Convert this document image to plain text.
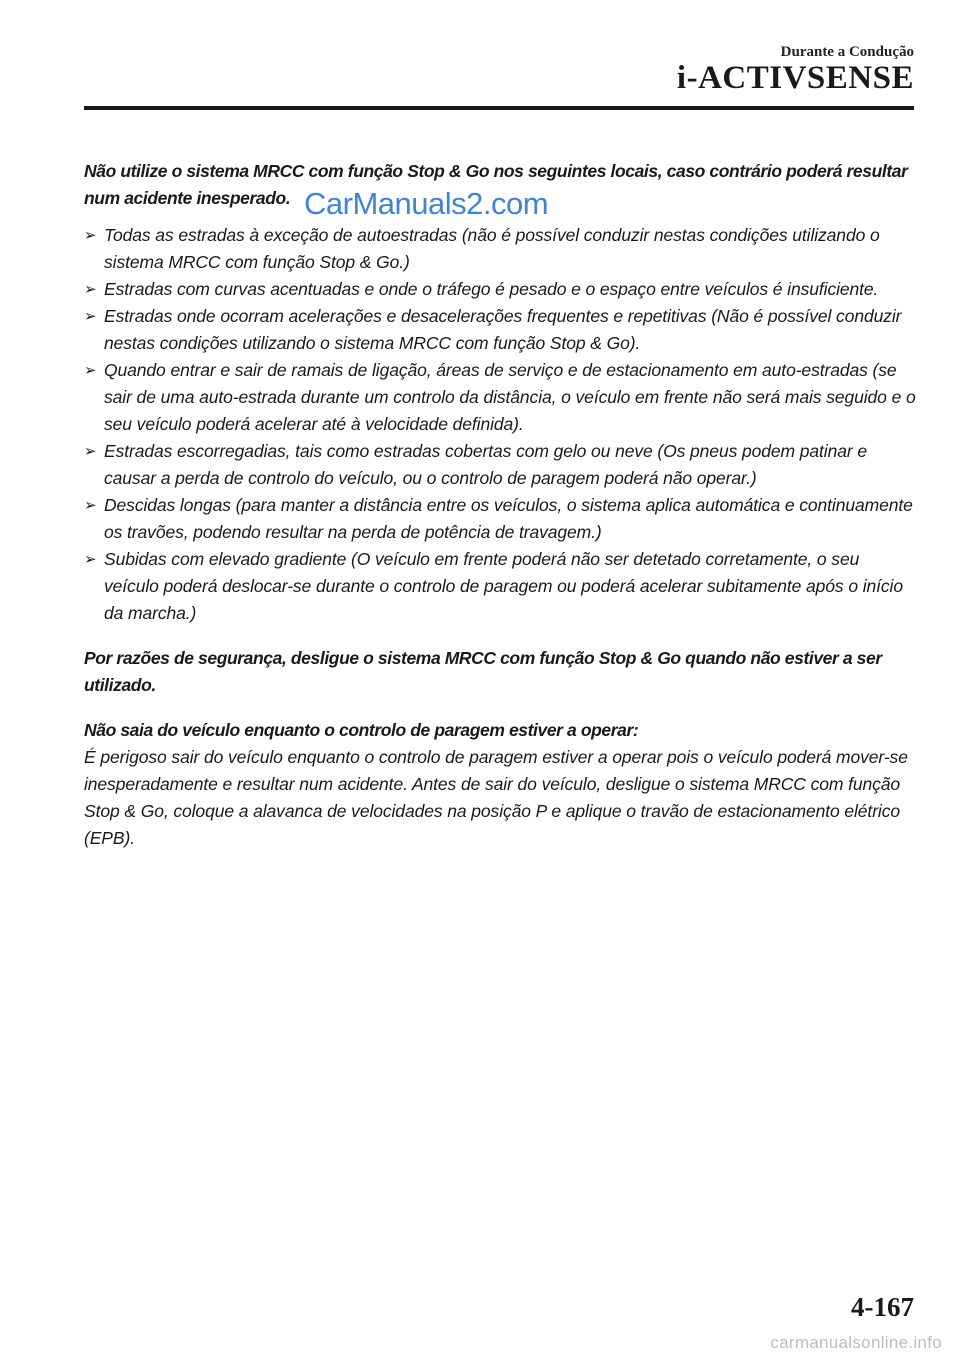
Durante a Condução
i-ACTIVSENSE

Não utilize o sistema MRCC com função Stop & Go nos seguintes locais, caso contrário poderá resultar num acidente inesperado.

➢ Todas as estradas à exceção de autoestradas (não é possível conduzir nestas condições utilizando o sistema MRCC com função Stop & Go.)
➢ Estradas com curvas acentuadas e onde o tráfego é pesado e o espaço entre veículos é insuficiente.
➢ Estradas onde ocorram acelerações e desacelerações frequentes e repetitivas (Não é possível conduzir nestas condições utilizando o sistema MRCC com função Stop & Go).
➢ Quando entrar e sair de ramais de ligação, áreas de serviço e de estacionamento em auto-estradas (se sair de uma auto-estrada durante um controlo da distância, o veículo em frente não será mais seguido e o seu veículo poderá acelerar até à velocidade definida).
➢ Estradas escorregadias, tais como estradas cobertas com gelo ou neve (Os pneus podem patinar e causar a perda de controlo do veículo, ou o controlo de paragem poderá não operar.)
➢ Descidas longas (para manter a distância entre os veículos, o sistema aplica automática e continuamente os travões, podendo resultar na perda de potência de travagem.)
➢ Subidas com elevado gradiente (O veículo em frente poderá não ser detetado corretamente, o seu veículo poderá deslocar-se durante o controlo de paragem ou poderá acelerar subitamente após o início da marcha.)

Por razões de segurança, desligue o sistema MRCC com função Stop & Go quando não estiver a ser utilizado.

Não saia do veículo enquanto o controlo de paragem estiver a operar:

É perigoso sair do veículo enquanto o controlo de paragem estiver a operar pois o veículo poderá mover-se inesperadamente e resultar num acidente. Antes de sair do veículo, desligue o sistema MRCC com função Stop & Go, coloque a alavanca de velocidades na posição P e aplique o travão de estacionamento elétrico (EPB).

CarManuals2.com
4-167
carmanualsonline.info
